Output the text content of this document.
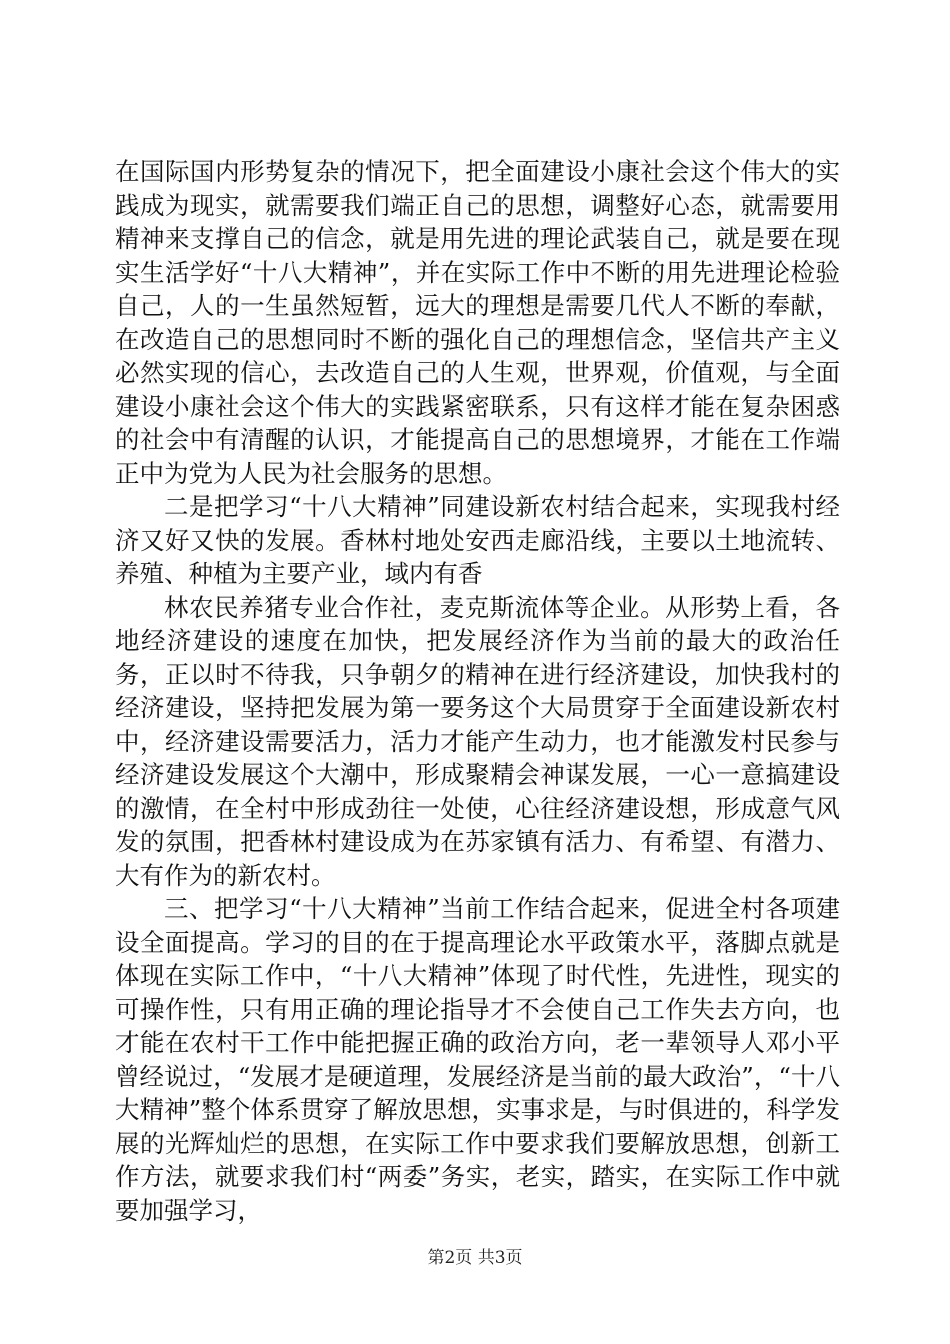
在国际国内形势复杂的情况下，把全面建设小康社会这个伟大的实践成为现实，就需要我们端正自己的思想，调整好心态，就需要用精神来支撑自己的信念，就是用先进的理论武装自己，就是要在现实生活学好“十八大精神”，并在实际工作中不断的用先进理论检验自己，人的一生虽然短暂，远大的理想是需要几代人不断的奉献，在改造自己的思想同时不断的强化自己的理想信念，坚信共产主义必然实现的信心，去改造自己的人生观，世界观，价值观，与全面建设小康社会这个伟大的实践紧密联系，只有这样才能在复杂困惑的社会中有清醒的认识，才能提高自己的思想境界，才能在工作端正中为党为人民为社会服务的思想。

二是把学习“十八大精神”同建设新农村结合起来，实现我村经济又好又快的发展。香林村地处安西走廊沿线，主要以土地流转、养殖、种植为主要产业，域内有香

林农民养猪专业合作社，麦克斯流体等企业。从形势上看，各地经济建设的速度在加快，把发展经济作为当前的最大的政治任务，正以时不待我，只争朝夕的精神在进行经济建设，加快我村的经济建设，坚持把发展为第一要务这个大局贯穿于全面建设新农村中，经济建设需要活力，活力才能产生动力，也才能激发村民参与经济建设发展这个大潮中，形成聚精会神谋发展，一心一意搞建设的激情，在全村中形成劲往一处使，心往经济建设想，形成意气风发的氛围，把香林村建设成为在苏家镇有活力、有希望、有潜力、大有作为的新农村。

三、把学习“十八大精神”当前工作结合起来，促进全村各项建设全面提高。学习的目的在于提高理论水平政策水平，落脚点就是体现在实际工作中，“十八大精神”体现了时代性，先进性，现实的可操作性，只有用正确的理论指导才不会使自己工作失去方向，也才能在农村干工作中能把握正确的政治方向，老一辈领导人邓小平曾经说过，“发展才是硬道理，发展经济是当前的最大政治”，“十八大精神”整个体系贯穿了解放思想，实事求是，与时俱进的，科学发展的光辉灿烂的思想，在实际工作中要求我们要解放思想，创新工作方法，就要求我们村“两委”务实，老实，踏实，在实际工作中就要加强学习，

第2页 共3页
